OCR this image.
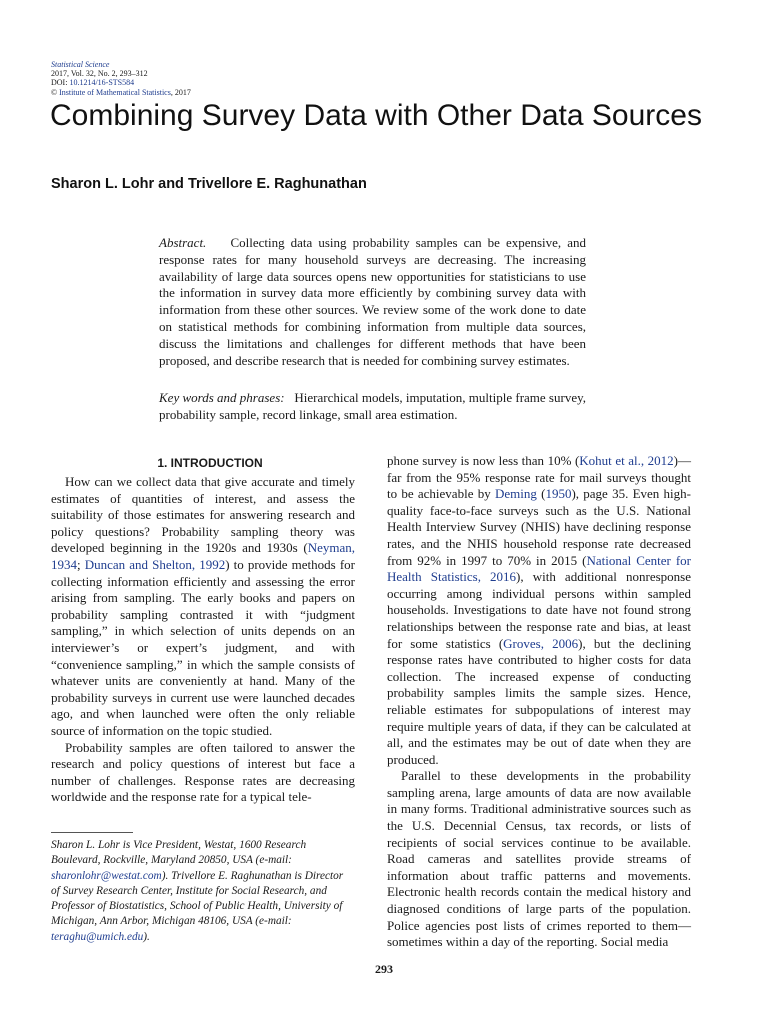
Statistical Science
2017, Vol. 32, No. 2, 293–312
DOI: 10.1214/16-STS584
© Institute of Mathematical Statistics, 2017
Combining Survey Data with Other Data Sources
Sharon L. Lohr and Trivellore E. Raghunathan

Abstract. Collecting data using probability samples can be expensive, and response rates for many household surveys are decreasing. The increasing availability of large data sources opens new opportunities for statisticians to use the information in survey data more efficiently by combining survey data with information from these other sources. We review some of the work done to date on statistical methods for combining information from multiple data sources, discuss the limitations and challenges for different methods that have been proposed, and describe research that is needed for combining survey estimates.

Key words and phrases: Hierarchical models, imputation, multiple frame survey, probability sample, record linkage, small area estimation.

1. INTRODUCTION

How can we collect data that give accurate and timely estimates of quantities of interest, and assess the suitability of those estimates for answering research and policy questions? Probability sampling theory was developed beginning in the 1920s and 1930s (Neyman, 1934; Duncan and Shelton, 1992) to provide methods for collecting information efficiently and assessing the error arising from sampling. The early books and papers on probability sampling contrasted it with “judgment sampling,” in which selection of units depends on an interviewer’s or expert’s judgment, and with “convenience sampling,” in which the sample consists of whatever units are conveniently at hand. Many of the probability surveys in current use were launched decades ago, and when launched were often the only reliable source of information on the topic studied.

Probability samples are often tailored to answer the research and policy questions of interest but face a number of challenges. Response rates are decreasing worldwide and the response rate for a typical tele-

phone survey is now less than 10% (Kohut et al., 2012)—far from the 95% response rate for mail surveys thought to be achievable by Deming (1950), page 35. Even high-quality face-to-face surveys such as the U.S. National Health Interview Survey (NHIS) have declining response rates, and the NHIS household response rate decreased from 92% in 1997 to 70% in 2015 (National Center for Health Statistics, 2016), with additional nonresponse occurring among individual persons within sampled households. Investigations to date have not found strong relationships between the response rate and bias, at least for some statistics (Groves, 2006), but the declining response rates have contributed to higher costs for data collection. The increased expense of conducting probability samples limits the sample sizes. Hence, reliable estimates for subpopulations of interest may require multiple years of data, if they can be calculated at all, and the estimates may be out of date when they are produced.

Parallel to these developments in the probability sampling arena, large amounts of data are now available in many forms. Traditional administrative sources such as the U.S. Decennial Census, tax records, or lists of recipients of social services continue to be available. Road cameras and satellites provide streams of information about traffic patterns and movements. Electronic health records contain the medical history and diagnosed conditions of large parts of the population. Police agencies post lists of crimes reported to them—sometimes within a day of the reporting. Social media

Sharon L. Lohr is Vice President, Westat, 1600 Research Boulevard, Rockville, Maryland 20850, USA (e-mail: sharonlohr@westat.com). Trivellore E. Raghunathan is Director of Survey Research Center, Institute for Social Research, and Professor of Biostatistics, School of Public Health, University of Michigan, Ann Arbor, Michigan 48106, USA (e-mail: teraghu@umich.edu).

293
